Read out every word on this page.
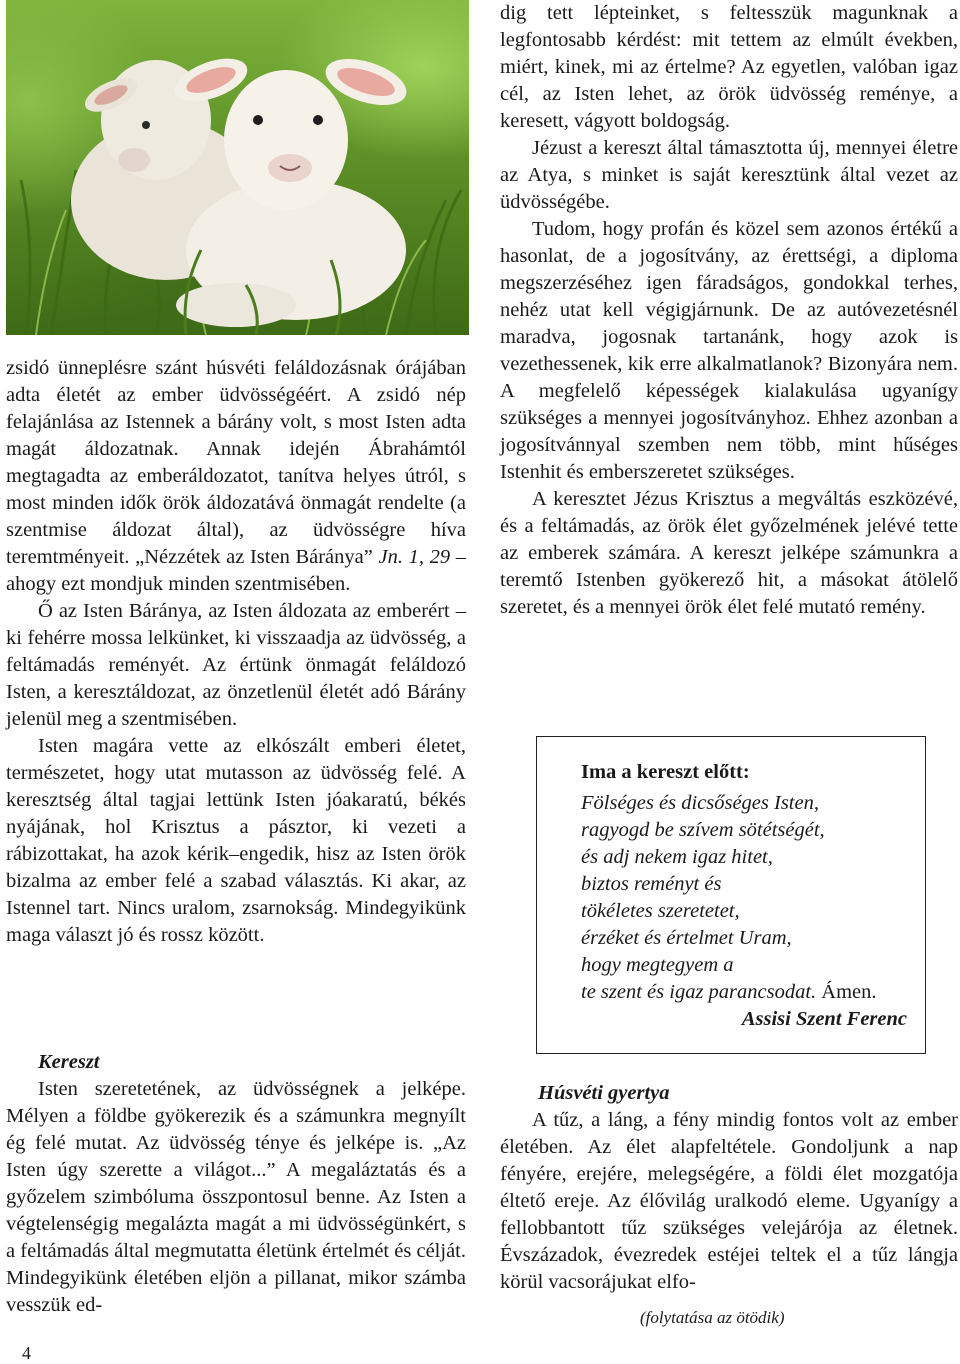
zsidó ünneplésre szánt húsvéti feláldozásnak órájában adta életét az ember üdvösségéért. A zsidó nép felajánlása az Istennek a bárány volt, s most Isten adta magát áldozatnak. Annak idején Ábrahámtól megtagadta az emberáldozatot, tanítva helyes útról, s most minden idők örök áldozatává önmagát rendelte (a szentmise áldozat által), az üdvösségre híva teremtményeit. „Nézzétek az Isten Báránya” Jn. 1, 29 – ahogy ezt mondjuk minden szentmisében.

Ő az Isten Báránya, az Isten áldozata az emberért – ki fehérre mossa lelkünket, ki visszaadja az üdvösség, a feltámadás reményét. Az értünk önmagát feláldozó Isten, a keresztáldozat, az önzetlenül életét adó Bárány jelenül meg a szentmisében.

Isten magára vette az elkószált emberi életet, természetet, hogy utat mutasson az üdvösség felé. A keresztség által tagjai lettünk Isten jóakaratú, békés nyájának, hol Krisztus a pásztor, ki vezeti a rábizottakat, ha azok kérik–engedik, hisz az Isten örök bizalma az ember felé a szabad választás. Ki akar, az Istennel tart. Nincs uralom, zsarnokság. Mindegyikünk maga választ jó és rossz között.

Kereszt

Isten szeretetének, az üdvösségnek a jelképe. Mélyen a földbe gyökerezik és a számunkra megnyílt ég felé mutat. Az üdvösség ténye és jelképe is. „Az Isten úgy szerette a világot...” A megaláztatás és a győzelem szimbóluma összpontosul benne. Az Isten a végtelenségig megalázta magát a mi üdvösségünkért, s a feltámadás által megmutatta életünk értelmét és célját. Mindegyikünk életében eljön a pillanat, mikor számba vesszük ed-

dig tett lépteinket, s feltesszük magunknak a legfontosabb kérdést: mit tettem az elmúlt években, miért, kinek, mi az értelme? Az egyetlen, valóban igaz cél, az Isten lehet, az örök üdvösség reménye, a keresett, vágyott boldogság.

Jézust a kereszt által támasztotta új, mennyei életre az Atya, s minket is saját keresztünk által vezet az üdvösségébe.

Tudom, hogy profán és közel sem azonos értékű a hasonlat, de a jogosítvány, az érettségi, a diploma megszerzéséhez igen fáradságos, gondokkal terhes, nehéz utat kell végigjárnunk. De az autóvezetésnél maradva, jogosnak tartanánk, hogy azok is vezethessenek, kik erre alkalmatlanok? Bizonyára nem. A megfelelő képességek kialakulása ugyanígy szükséges a mennyei jogosítványhoz. Ehhez azonban a jogosítvánnyal szemben nem több, mint hűséges Istenhit és emberszeretet szükséges.

A keresztet Jézus Krisztus a megváltás eszközévé, és a feltámadás, az örök élet győzelmének jelévé tette az emberek számára. A kereszt jelképe számunkra a teremtő Istenben gyökerező hit, a másokat átölelő szeretet, és a mennyei örök élet felé mutató remény.

Ima a kereszt előtt:

Fölséges és dicsőséges Isten,

ragyogd be szívem sötétségét,

és adj nekem igaz hitet,

biztos reményt és

tökéletes szeretetet,

érzéket és értelmet Uram,

hogy megtegyem a

te szent és igaz parancsodat. Ámen.

Assisi Szent Ferenc

Húsvéti gyertya

A tűz, a láng, a fény mindig fontos volt az ember életében. Az élet alapfeltétele. Gondoljunk a nap fényére, erejére, melegségére, a földi élet mozgatója éltető ereje. Az élővilág uralkodó eleme. Ugyanígy a fellobbantott tűz szükséges velejárója az életnek. Évszázadok, évezredek estéjei teltek el a tűz lángja körül vacsorájukat elfo-

(folytatása az ötödik)
4
